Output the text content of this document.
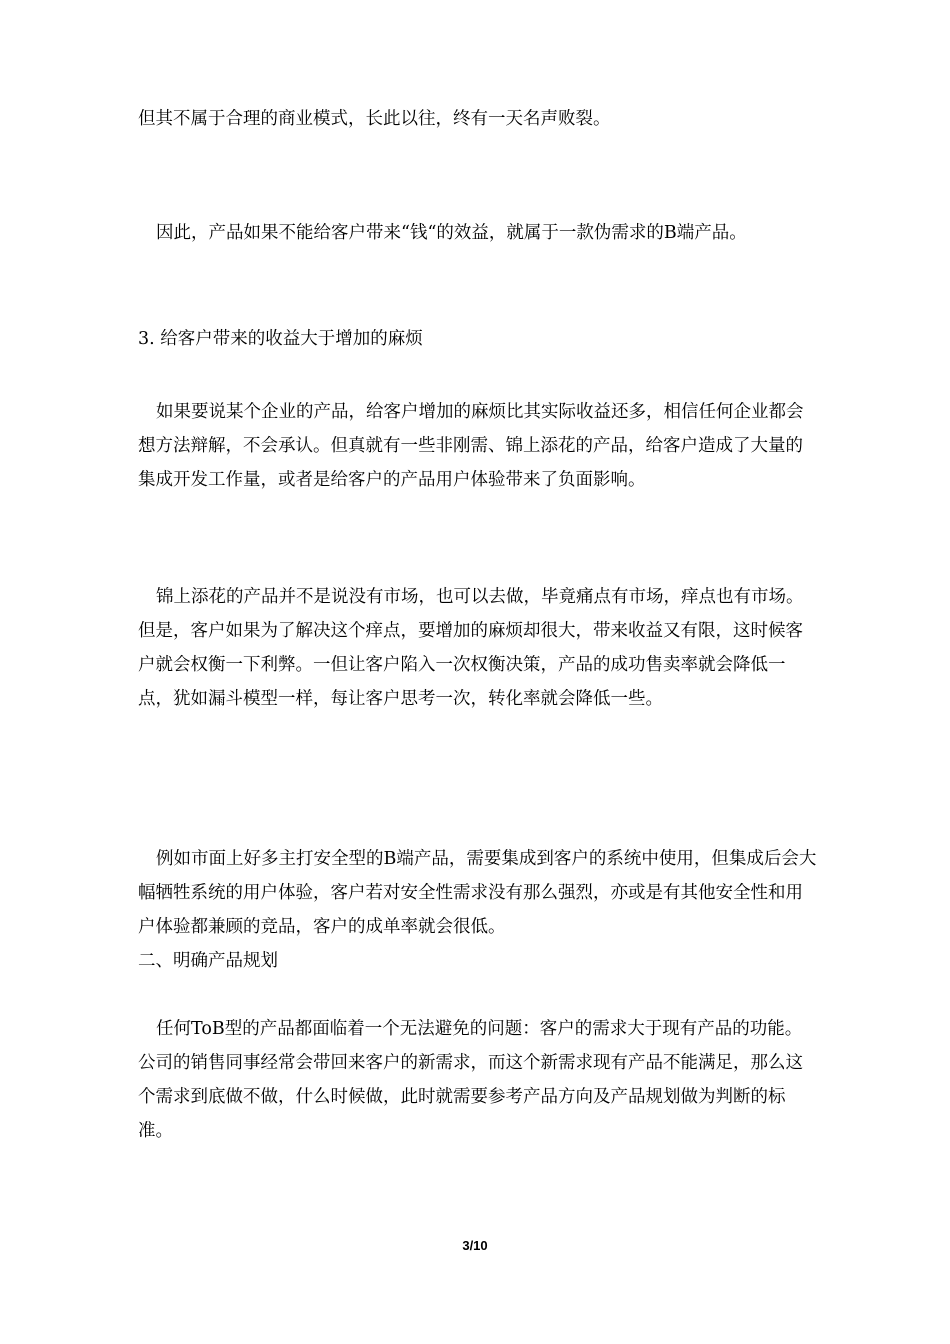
但其不属于合理的商业模式，长此以往，终有一天名声败裂。

因此，产品如果不能给客户带来“钱“的效益，就属于一款伪需求的B端产品。

3. 给客户带来的收益大于增加的麻烦

如果要说某个企业的产品，给客户增加的麻烦比其实际收益还多，相信任何企业都会想方法辩解，不会承认。但真就有一些非刚需、锦上添花的产品，给客户造成了大量的集成开发工作量，或者是给客户的产品用户体验带来了负面影响。

锦上添花的产品并不是说没有市场，也可以去做，毕竟痛点有市场，痒点也有市场。但是，客户如果为了解决这个痒点，要增加的麻烦却很大，带来收益又有限，这时候客户就会权衡一下利弊。一但让客户陷入一次权衡决策，产品的成功售卖率就会降低一点，犹如漏斗模型一样，每让客户思考一次，转化率就会降低一些。

例如市面上好多主打安全型的B端产品，需要集成到客户的系统中使用，但集成后会大幅牺牲系统的用户体验，客户若对安全性需求没有那么强烈，亦或是有其他安全性和用户体验都兼顾的竞品，客户的成单率就会很低。

二、明确产品规划

任何ToB型的产品都面临着一个无法避免的问题：客户的需求大于现有产品的功能。公司的销售同事经常会带回来客户的新需求，而这个新需求现有产品不能满足，那么这个需求到底做不做，什么时候做，此时就需要参考产品方向及产品规划做为判断的标准。

3/10
